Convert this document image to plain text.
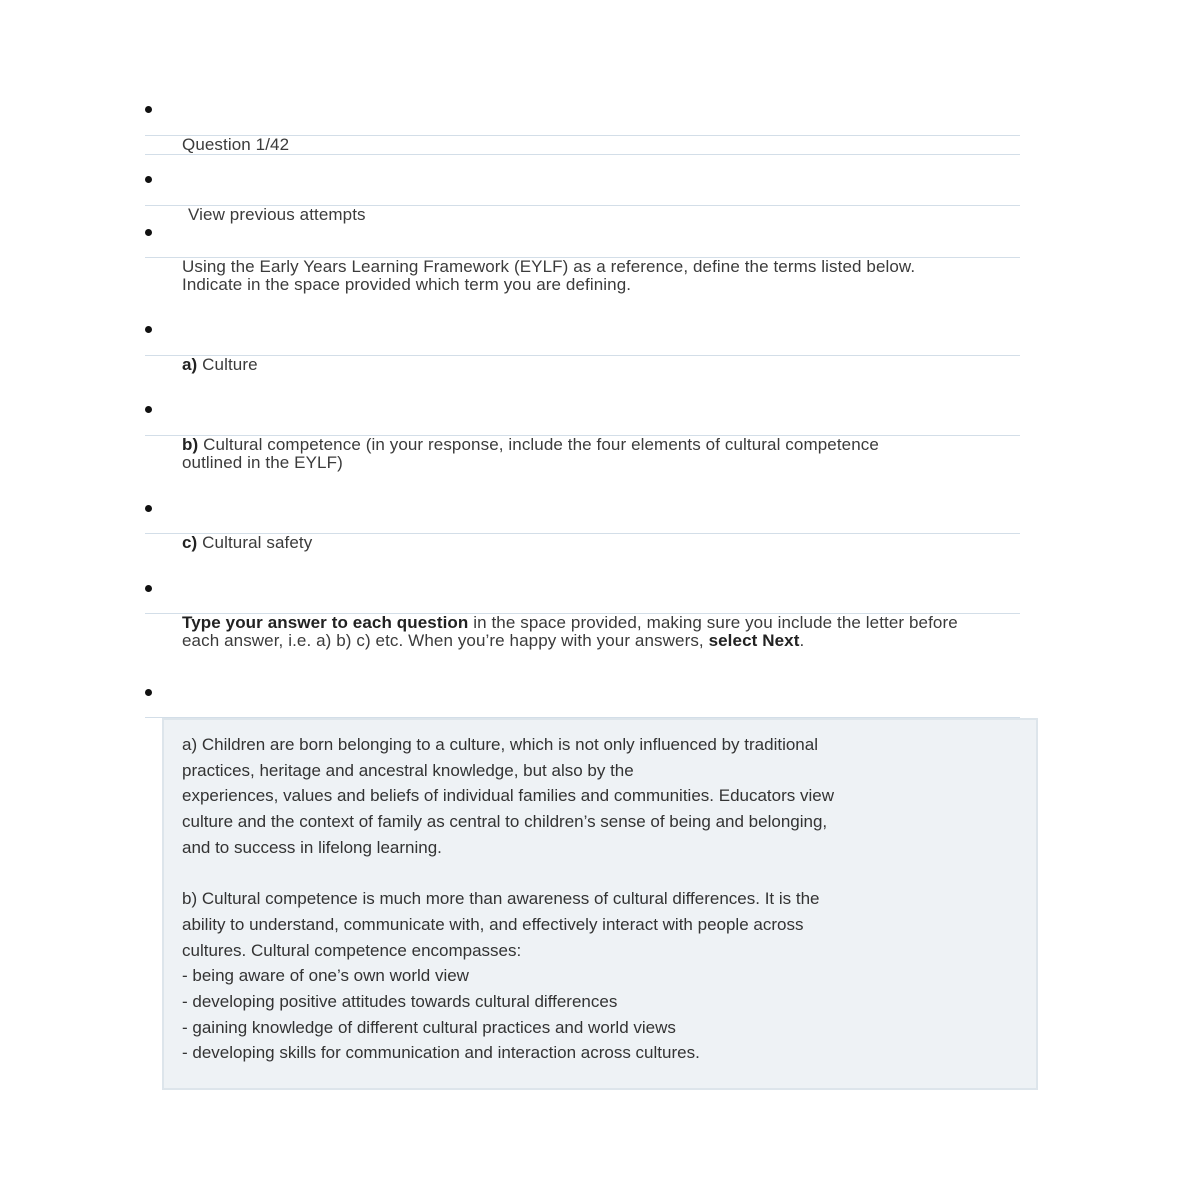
Question 1/42
View previous attempts
Using the Early Years Learning Framework (EYLF) as a reference, define the terms listed below. Indicate in the space provided which term you are defining.
a) Culture
b) Cultural competence (in your response, include the four elements of cultural competence outlined in the EYLF)
c) Cultural safety
Type your answer to each question in the space provided, making sure you include the letter before each answer, i.e. a) b) c) etc. When you’re happy with your answers, select Next.
a) Children are born belonging to a culture, which is not only influenced by traditional
practices, heritage and ancestral knowledge, but also by the
experiences, values and beliefs of individual families and communities. Educators view
culture and the context of family as central to children’s sense of being and belonging,
and to success in lifelong learning.

b) Cultural competence is much more than awareness of cultural differences. It is the
ability to understand, communicate with, and effectively interact with people across
cultures. Cultural competence encompasses:
- being aware of one’s own world view
- developing positive attitudes towards cultural differences
- gaining knowledge of different cultural practices and world views
- developing skills for communication and interaction across cultures.
